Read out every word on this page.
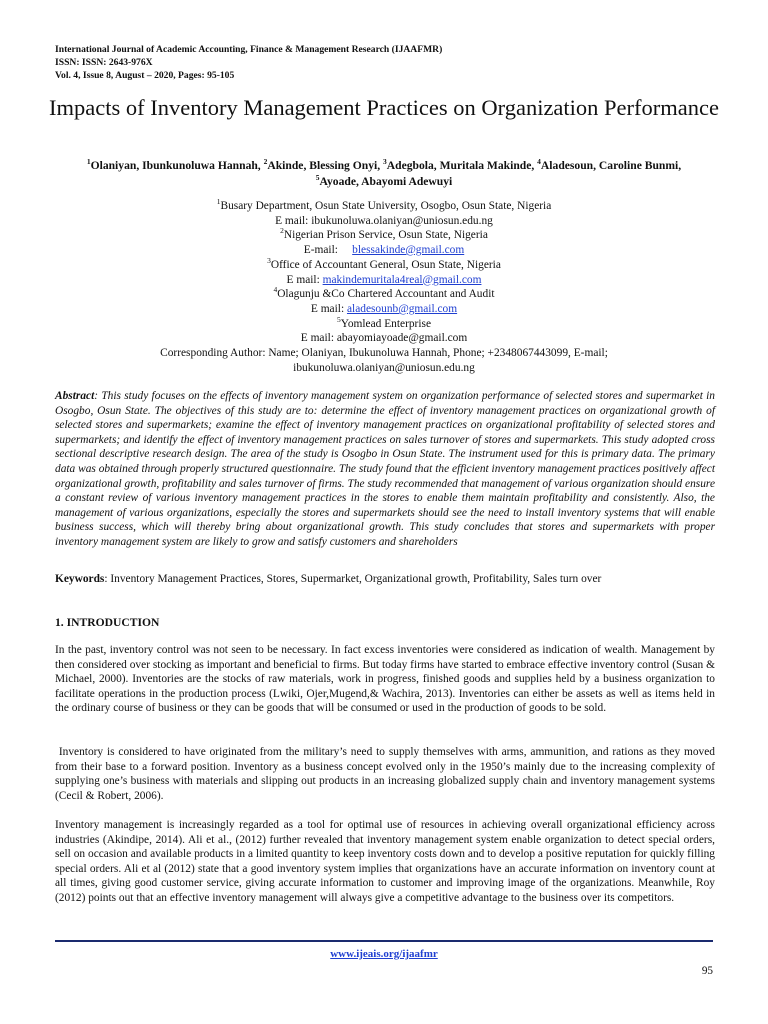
International Journal of Academic Accounting, Finance & Management Research (IJAAFMR)
ISSN: ISSN: 2643-976X
Vol. 4, Issue 8, August – 2020, Pages: 95-105
Impacts of Inventory Management Practices on Organization Performance
$^1$Olaniyan, Ibunkunoluwa Hannah, $^2$Akinde, Blessing Onyi, $^3$Adegbola, Muritala Makinde, $^4$Aladesoun, Caroline Bunmi,
$^5$Ayoade, Abayomi Adewuyi
$^1$Busary Department, Osun State University, Osogbo, Osun State, Nigeria
E mail: ibukunoluwa.olaniyan@uniosun.edu.ng
$^2$Nigerian Prison Service, Osun State, Nigeria
E-mail:     blessakinde@gmail.com
$^3$Office of Accountant General, Osun State, Nigeria
E mail: makindemuritala4real@gmail.com
$^4$Olagunju &Co Chartered Accountant and Audit
E mail: aladesounb@gmail.com
$^5$Yomlead Enterprise
E mail: abayomiayoade@gmail.com
Corresponding Author: Name; Olaniyan, Ibukunoluwa Hannah, Phone; +2348067443099, E-mail;
ibukunoluwa.olaniyan@uniosun.edu.ng
Abstract: This study focuses on the effects of inventory management system on organization performance of selected stores and supermarket in Osogbo, Osun State. The objectives of this study are to: determine the effect of inventory management practices on organizational growth of selected stores and supermarkets; examine the effect of inventory management practices on organizational profitability of selected stores and supermarkets; and identify the effect of inventory management practices on sales turnover of stores and supermarkets. This study adopted cross sectional descriptive research design. The area of the study is Osogbo in Osun State. The instrument used for this is primary data. The primary data was obtained through properly structured questionnaire. The study found that the efficient inventory management practices positively affect organizational growth, profitability and sales turnover of firms. The study recommended that management of various organization should ensure a constant review of various inventory management practices in the stores to enable them maintain profitability and consistently. Also, the management of various organizations, especially the stores and supermarkets should see the need to install inventory systems that will enable business success, which will thereby bring about organizational growth. This study concludes that stores and supermarkets with proper inventory management system are likely to grow and satisfy customers and shareholders
Keywords: Inventory Management Practices, Stores, Supermarket, Organizational growth, Profitability, Sales turn over
1. INTRODUCTION
In the past, inventory control was not seen to be necessary. In fact excess inventories were considered as indication of wealth. Management by then considered over stocking as important and beneficial to firms. But today firms have started to embrace effective inventory control (Susan & Michael, 2000). Inventories are the stocks of raw materials, work in progress, finished goods and supplies held by a business organization to facilitate operations in the production process (Lwiki, Ojer,Mugend,& Wachira, 2013). Inventories can either be assets as well as items held in the ordinary course of business or they can be goods that will be consumed or used in the production of goods to be sold.
Inventory is considered to have originated from the military’s need to supply themselves with arms, ammunition, and rations as they moved from their base to a forward position. Inventory as a business concept evolved only in the 1950’s mainly due to the increasing complexity of supplying one’s business with materials and slipping out products in an increasing globalized supply chain and inventory management systems (Cecil & Robert, 2006).
Inventory management is increasingly regarded as a tool for optimal use of resources in achieving overall organizational efficiency across industries (Akindipe, 2014). Ali et al., (2012) further revealed that inventory management system enable organization to detect special orders, sell on occasion and available products in a limited quantity to keep inventory costs down and to develop a positive reputation for quickly filling special orders. Ali et al (2012) state that a good inventory system implies that organizations have an accurate information on inventory count at all times, giving good customer service, giving accurate information to customer and improving image of the organizations. Meanwhile, Roy (2012) points out that an effective inventory management will always give a competitive advantage to the business over its competitors.
www.ijeais.org/ijaafmr
95
